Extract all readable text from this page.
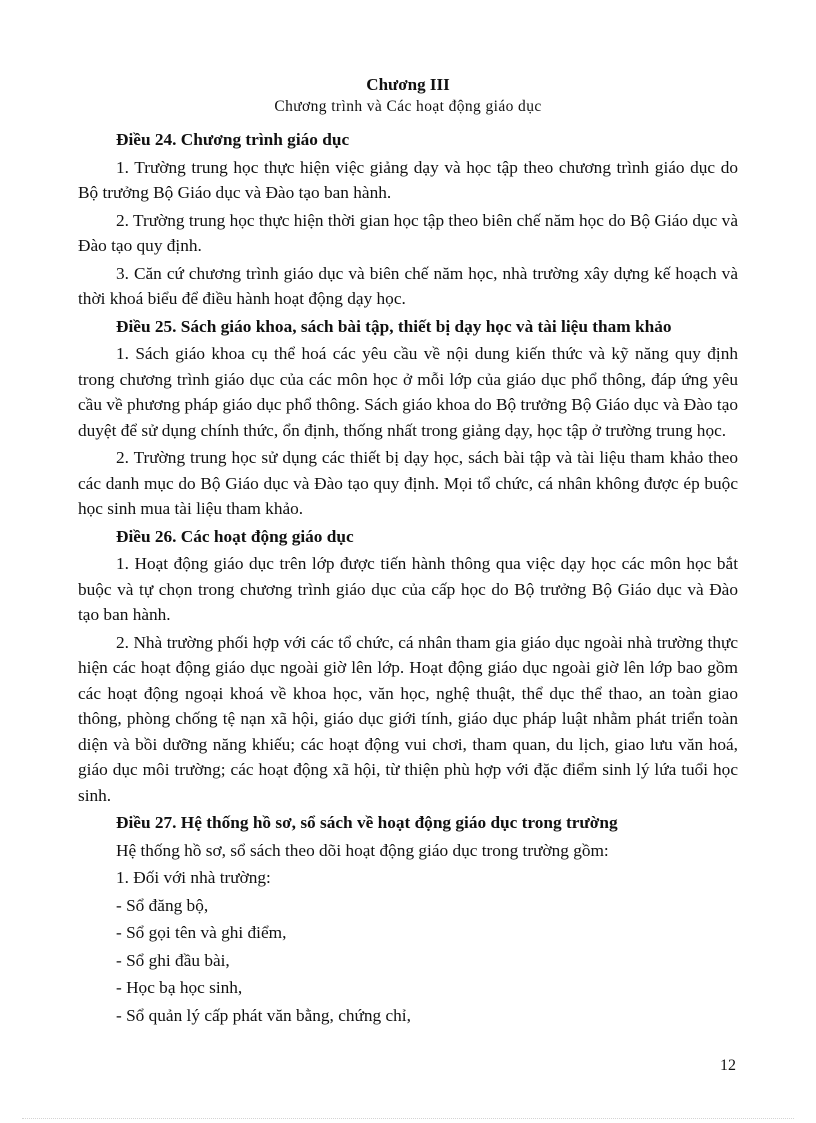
Chương III

Chương trình và Các hoạt động giáo dục

Điều 24. Chương trình giáo dục

1. Trường trung học thực hiện việc giảng dạy và học tập theo chương trình giáo dục do Bộ trưởng Bộ Giáo dục và Đào tạo ban hành.

2. Trường trung học thực hiện thời gian học tập theo biên chế năm học do Bộ Giáo dục và Đào tạo quy định.

3. Căn cứ chương trình giáo dục và biên chế năm học, nhà trường xây dựng kế hoạch và thời khoá biểu để điều hành hoạt động dạy học.

Điều 25. Sách giáo khoa, sách bài tập, thiết bị dạy học và tài liệu tham khảo

1. Sách giáo khoa cụ thể hoá các yêu cầu về nội dung kiến thức và kỹ năng quy định trong chương trình giáo dục của các môn học ở mỗi lớp của giáo dục phổ thông, đáp ứng yêu cầu về phương pháp giáo dục phổ thông. Sách giáo khoa do Bộ trưởng Bộ Giáo dục và Đào tạo duyệt để sử dụng chính thức, ổn định, thống nhất trong giảng dạy, học tập ở trường trung học.

2. Trường trung học sử dụng các thiết bị dạy học, sách bài tập và tài liệu tham khảo theo các danh mục do Bộ Giáo dục và Đào tạo quy định. Mọi tổ chức, cá nhân không được ép buộc học sinh mua tài liệu tham khảo.

Điều 26. Các hoạt động giáo dục

1. Hoạt động giáo dục trên lớp được tiến hành thông qua việc dạy học các môn học bắt buộc và tự chọn trong chương trình giáo dục của cấp học do Bộ trưởng Bộ Giáo dục và Đào tạo ban hành.

2. Nhà trường phối hợp với các tổ chức, cá nhân tham gia giáo dục ngoài nhà trường thực hiện các hoạt động giáo dục ngoài giờ lên lớp. Hoạt động giáo dục ngoài giờ lên lớp bao gồm các hoạt động ngoại khoá về khoa học, văn học, nghệ thuật, thể dục thể thao, an toàn giao thông, phòng chống tệ nạn xã hội, giáo dục giới tính, giáo dục pháp luật nhằm phát triển toàn diện và bồi dưỡng năng khiếu; các hoạt động vui chơi, tham quan, du lịch, giao lưu văn hoá, giáo dục môi trường; các hoạt động xã hội, từ thiện phù hợp với đặc điểm sinh lý lứa tuổi học sinh.

Điều 27. Hệ thống hồ sơ, sổ sách về hoạt động giáo dục trong trường

Hệ thống hồ sơ, sổ sách theo dõi hoạt động giáo dục trong trường gồm:

1. Đối với nhà trường:

- Sổ đăng bộ,

- Sổ gọi tên và ghi điểm,

- Sổ ghi đầu bài,

- Học bạ học sinh,

- Sổ quản lý cấp phát văn bằng, chứng chỉ,

12
